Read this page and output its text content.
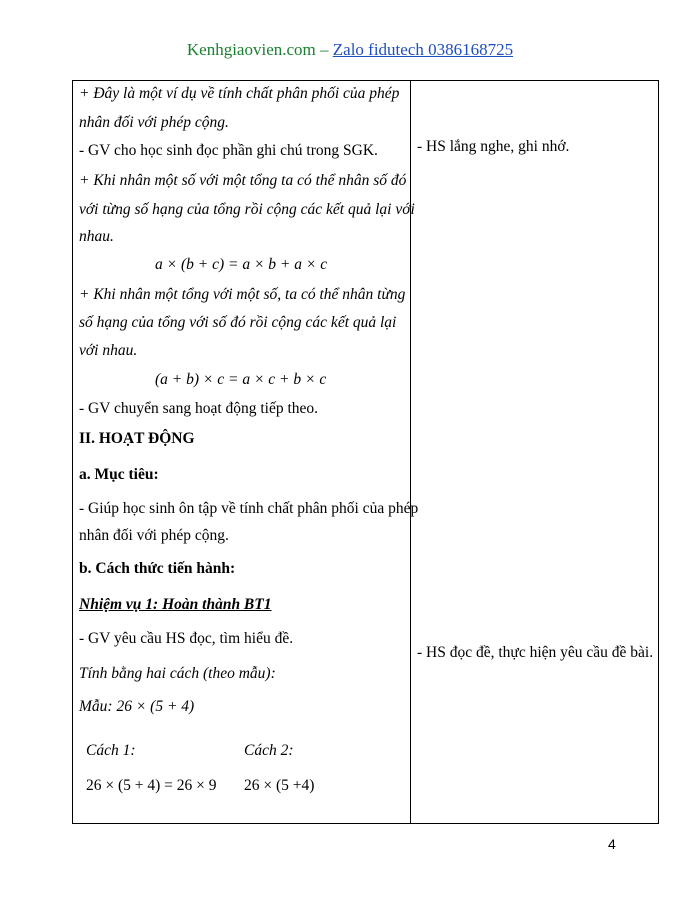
Kenhgiaovien.com – Zalo fidutech 0386168725
+ Đây là một ví dụ về tính chất phân phối của phép
nhân đối với phép cộng.
- GV cho học sinh đọc phần ghi chú trong SGK.
+ Khi nhân một số với một tổng ta có thể nhân số đó
với từng số hạng của tổng rồi cộng các kết quả lại với
nhau.
a × (b + c) = a × b + a × c
+ Khi nhân một tổng với một số, ta có thể nhân từng
số hạng của tổng với số đó rồi cộng các kết quả lại
với nhau.
(a + b) × c = a × c + b × c
- GV chuyển sang hoạt động tiếp theo.
II. HOẠT ĐỘNG
a. Mục tiêu:
- Giúp học sinh ôn tập về tính chất phân phối của phép
nhân đối với phép cộng.
b. Cách thức tiến hành:
Nhiệm vụ 1: Hoàn thành BT1
- GV yêu cầu HS đọc, tìm hiểu đề.
Tính bằng hai cách (theo mẫu):
Mẫu: 26 × (5 + 4)
Cách 1:	Cách 2:
26 × (5 + 4) = 26 × 9 26 × (5 +4)
- HS lắng nghe, ghi nhớ.
- HS đọc đề, thực hiện yêu cầu đề bài.
4
